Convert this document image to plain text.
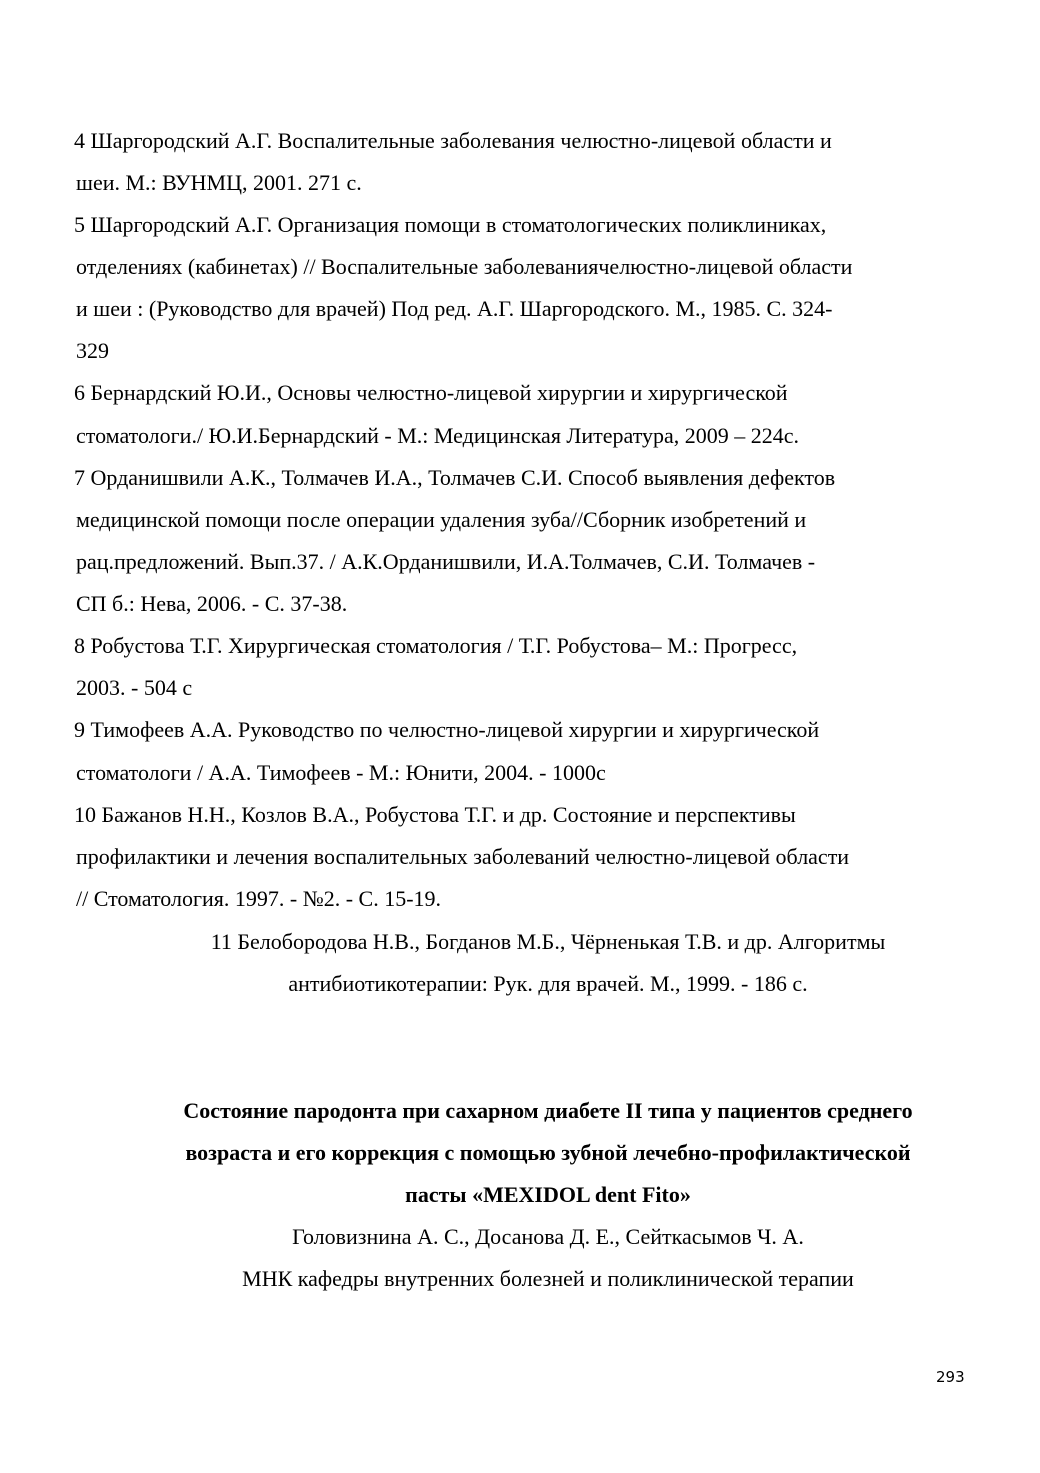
4 Шаргородский А.Г. Воспалительные заболевания челюстно-лицевой области и
шеи. М.: ВУНМЦ, 2001. 271 с.
5 Шаргородский А.Г. Организация помощи в стоматологических поликлиниках,
отделениях (кабинетах) // Воспалительные заболеваниячелюстно-лицевой области
и шеи : (Руководство для врачей) Под ред. А.Г. Шаргородского. М., 1985. С. 324-
329
6 Бернардский Ю.И., Основы челюстно-лицевой хирургии и хирургической
стоматологи./ Ю.И.Бернардский - М.: Медицинская Литература, 2009 – 224с.
7 Орданишвили А.К., Толмачев И.А., Толмачев С.И. Способ выявления дефектов
медицинской помощи после операции удаления зуба//Сборник изобретений и
рац.предложений. Вып.37. / А.К.Орданишвили, И.А.Толмачев, С.И. Толмачев -
СП б.: Нева, 2006. - С. 37-38.
8 Робустова Т.Г. Хирургическая стоматология / Т.Г. Робустова– М.: Прогресс,
2003. - 504 с
9 Тимофеев А.А. Руководство по челюстно-лицевой хирургии и хирургической
стоматологи / А.А. Тимофеев - М.: Юнити, 2004. - 1000с
10 Бажанов Н.Н., Козлов В.А., Робустова Т.Г. и др. Состояние и перспективы
профилактики и лечения воспалительных заболеваний челюстно-лицевой области
// Стоматология. 1997. - №2. - С. 15-19.
11 Белобородова Н.В., Богданов М.Б., Чёрненькая Т.В. и др. Алгоритмы
антибиотикотерапии: Рук. для врачей. М., 1999. - 186 с.
Состояние пародонта при сахарном диабете II типа у пациентов среднего
возраста и его коррекция с помощью зубной лечебно-профилактической
пасты «MEXIDOL dent Fito»
Головизнина А. С., Досанова Д. Е., Сейткасымов Ч. А.
МНК кафедры внутренних болезней и поликлинической терапии
293
